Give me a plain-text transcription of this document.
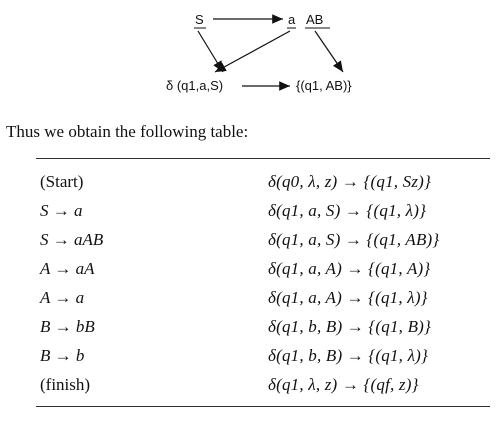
S	a AB
δ (q1,a,S)	{(q1, AB)}

Thus we obtain the following table:

(Start)	δ(q0, λ, z) → {(q1, Sz)}
S → a	δ(q1, a, S) → {(q1, λ)}
S → aAB	δ(q1, a, S) → {(q1, AB)}
A → aA	δ(q1, a, A) → {(q1, A)}
A → a	δ(q1, a, A) → {(q1, λ)}
B → bB	δ(q1, b, B) → {(q1, B)}
B → b	δ(q1, b, B) → {(q1, λ)}
(finish)	δ(q1, λ, z) → {(qf, z)}
